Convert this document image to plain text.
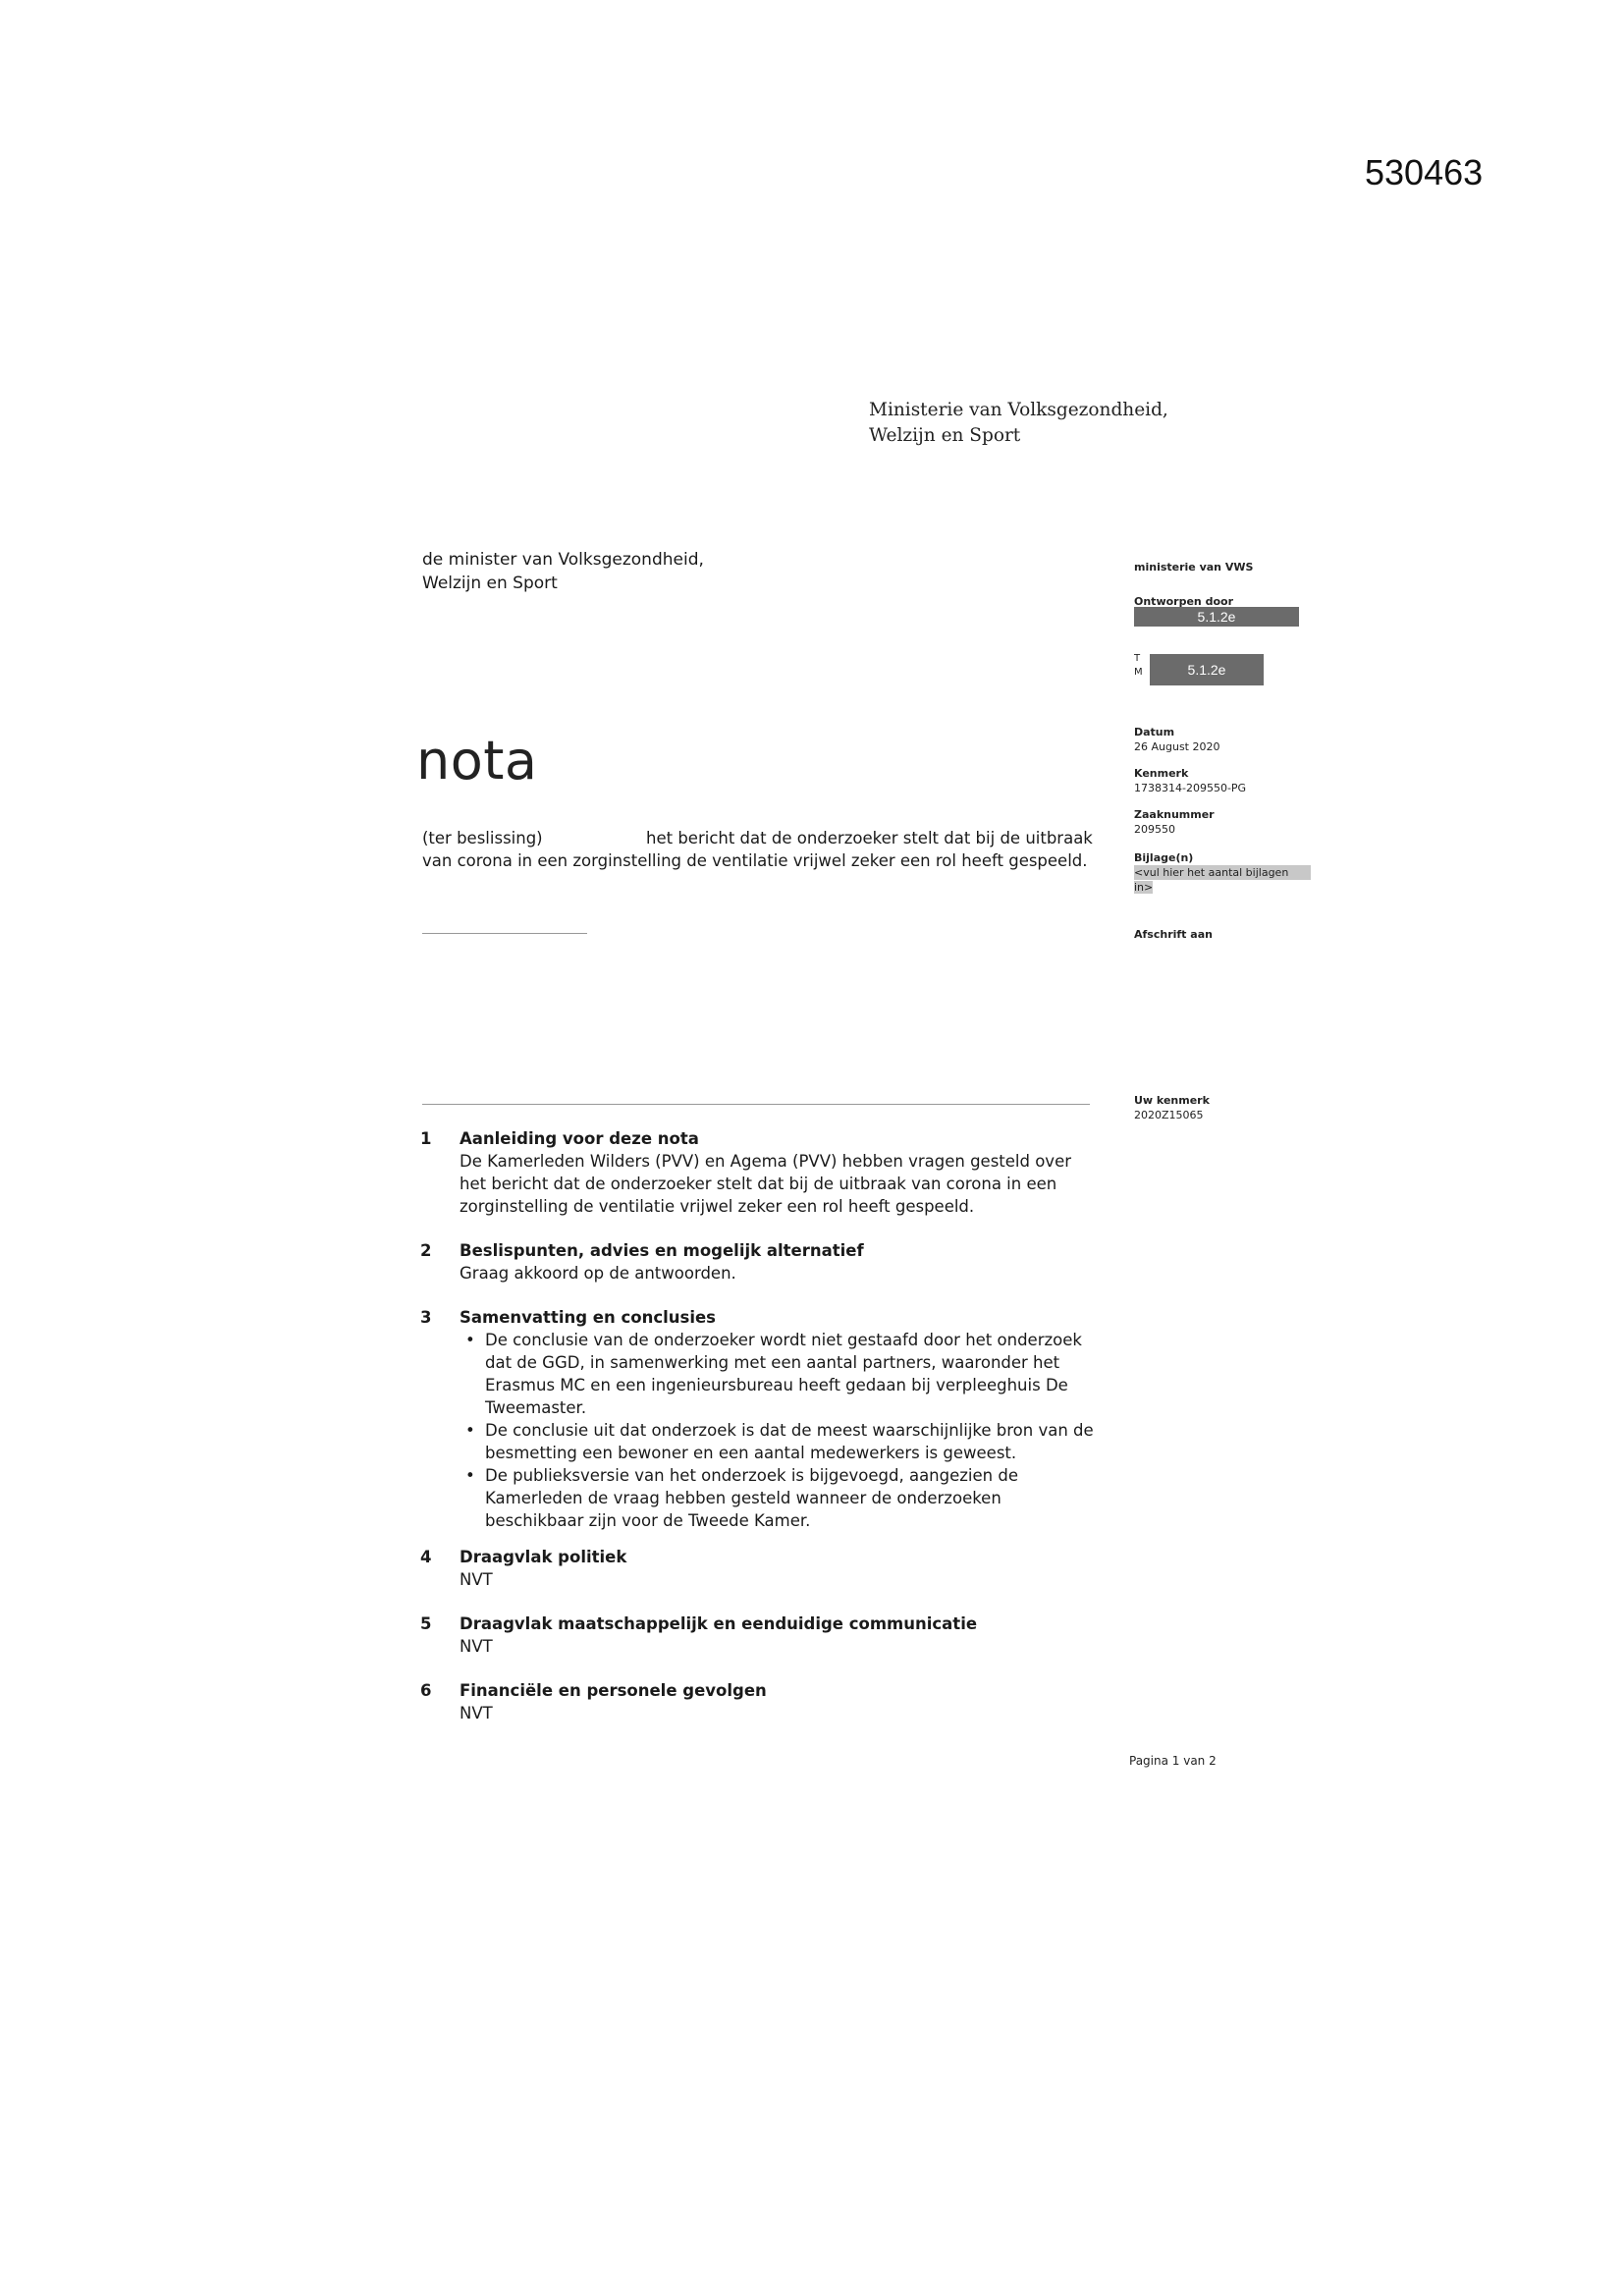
530463
Ministerie van Volksgezondheid,
Welzijn en Sport
de minister van Volksgezondheid,
Welzijn en Sport
nota
(ter beslissing)	het bericht dat de onderzoeker stelt dat bij de uitbraak
van corona in een zorginstelling de ventilatie vrijwel zeker een rol heeft gespeeld.
ministerie van VWS
Ontworpen door
5.1.2e
T
M	5.1.2e
Datum
26 August 2020
Kenmerk
1738314-209550-PG
Zaaknummer
209550
Bijlage(n)
<vul hier het aantal bijlagen
in>
Afschrift aan
Uw kenmerk
2020Z15065
1 Aanleiding voor deze nota
De Kamerleden Wilders (PVV) en Agema (PVV) hebben vragen gesteld over
het bericht dat de onderzoeker stelt dat bij de uitbraak van corona in een
zorginstelling de ventilatie vrijwel zeker een rol heeft gespeeld.
2 Beslispunten, advies en mogelijk alternatief
Graag akkoord op de antwoorden.
3 Samenvatting en conclusies
• De conclusie van de onderzoeker wordt niet gestaafd door het onderzoek
dat de GGD, in samenwerking met een aantal partners, waaronder het
Erasmus MC en een ingenieursbureau heeft gedaan bij verpleeghuis De
Tweemaster.
• De conclusie uit dat onderzoek is dat de meest waarschijnlijke bron van de
besmetting een bewoner en een aantal medewerkers is geweest.
• De publieksversie van het onderzoek is bijgevoegd, aangezien de
Kamerleden de vraag hebben gesteld wanneer de onderzoeken
beschikbaar zijn voor de Tweede Kamer.
4 Draagvlak politiek
NVT
5 Draagvlak maatschappelijk en eenduidige communicatie
NVT
6 Financiële en personele gevolgen
NVT
Pagina 1 van 2
